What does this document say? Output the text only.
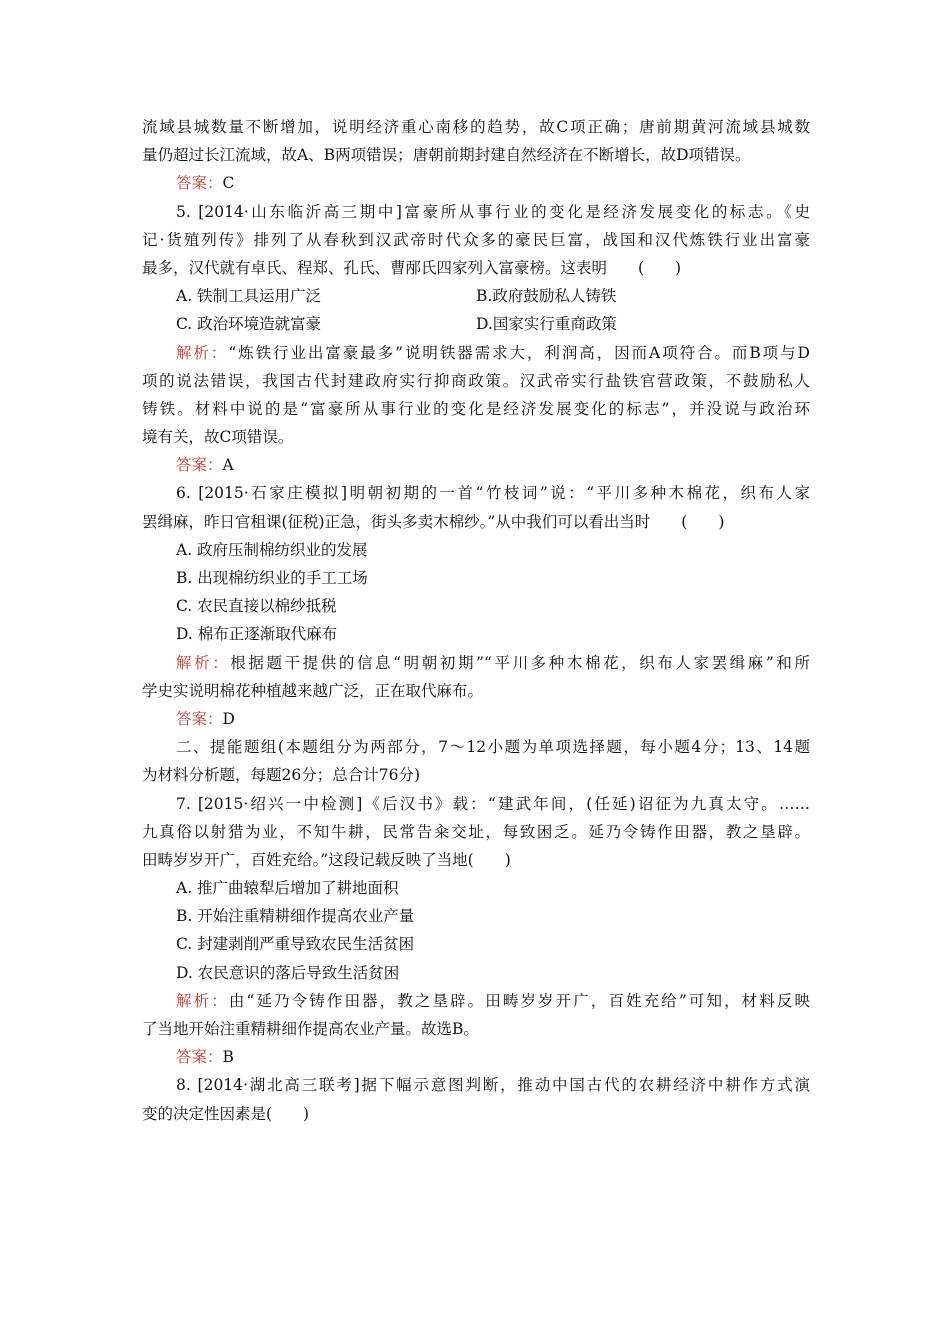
流域县城数量不断增加，说明经济重心南移的趋势，故C项正确；唐前期黄河流域县城数
量仍超过长江流域，故A、B两项错误；唐朝前期封建自然经济在不断增长，故D项错误。
答案：C
5. [2014·山东临沂高三期中]富豪所从事行业的变化是经济发展变化的标志。《史
记·货殖列传》排列了从春秋到汉武帝时代众多的豪民巨富，战国和汉代炼铁行业出富豪
最多，汉代就有卓氏、程郑、孔氏、曹邴氏四家列入富豪榜。这表明　　(　　)
A. 铁制工具运用广泛	B.政府鼓励私人铸铁
C. 政治环境造就富豪	D.国家实行重商政策
解析：“炼铁行业出富豪最多”说明铁器需求大，利润高，因而A项符合。而B项与D
项的说法错误，我国古代封建政府实行抑商政策。汉武帝实行盐铁官营政策，不鼓励私人
铸铁。材料中说的是“富豪所从事行业的变化是经济发展变化的标志”，并没说与政治环
境有关，故C项错误。
答案：A
6. [2015·石家庄模拟]明朝初期的一首“竹枝词”说：“平川多种木棉花，织布人家
罢缉麻，昨日官租课(征税)正急，街头多卖木棉纱。”从中我们可以看出当时　　(　　)
A. 政府压制棉纺织业的发展
B. 出现棉纺织业的手工工场
C. 农民直接以棉纱抵税
D. 棉布正逐渐取代麻布
解析：根据题干提供的信息“明朝初期”“平川多种木棉花，织布人家罢缉麻”和所
学史实说明棉花种植越来越广泛，正在取代麻布。
答案：D
二、提能题组(本题组分为两部分，7～12小题为单项选择题，每小题4分；13、14题
为材料分析题，每题26分；总合计76分)
7. [2015·绍兴一中检测]《后汉书》载：“建武年间，(任延)诏征为九真太守。……
九真俗以射猎为业，不知牛耕，民常告籴交址，每致困乏。延乃令铸作田器，教之垦辟。
田畴岁岁开广，百姓充给。”这段记载反映了当地(　　)
A. 推广曲辕犁后增加了耕地面积
B. 开始注重精耕细作提高农业产量
C. 封建剥削严重导致农民生活贫困
D. 农民意识的落后导致生活贫困
解析：由“延乃令铸作田器，教之垦辟。田畴岁岁开广，百姓充给”可知，材料反映
了当地开始注重精耕细作提高农业产量。故选B。
答案：B
8. [2014·湖北高三联考]据下幅示意图判断，推动中国古代的农耕经济中耕作方式演
变的决定性因素是(　　)
